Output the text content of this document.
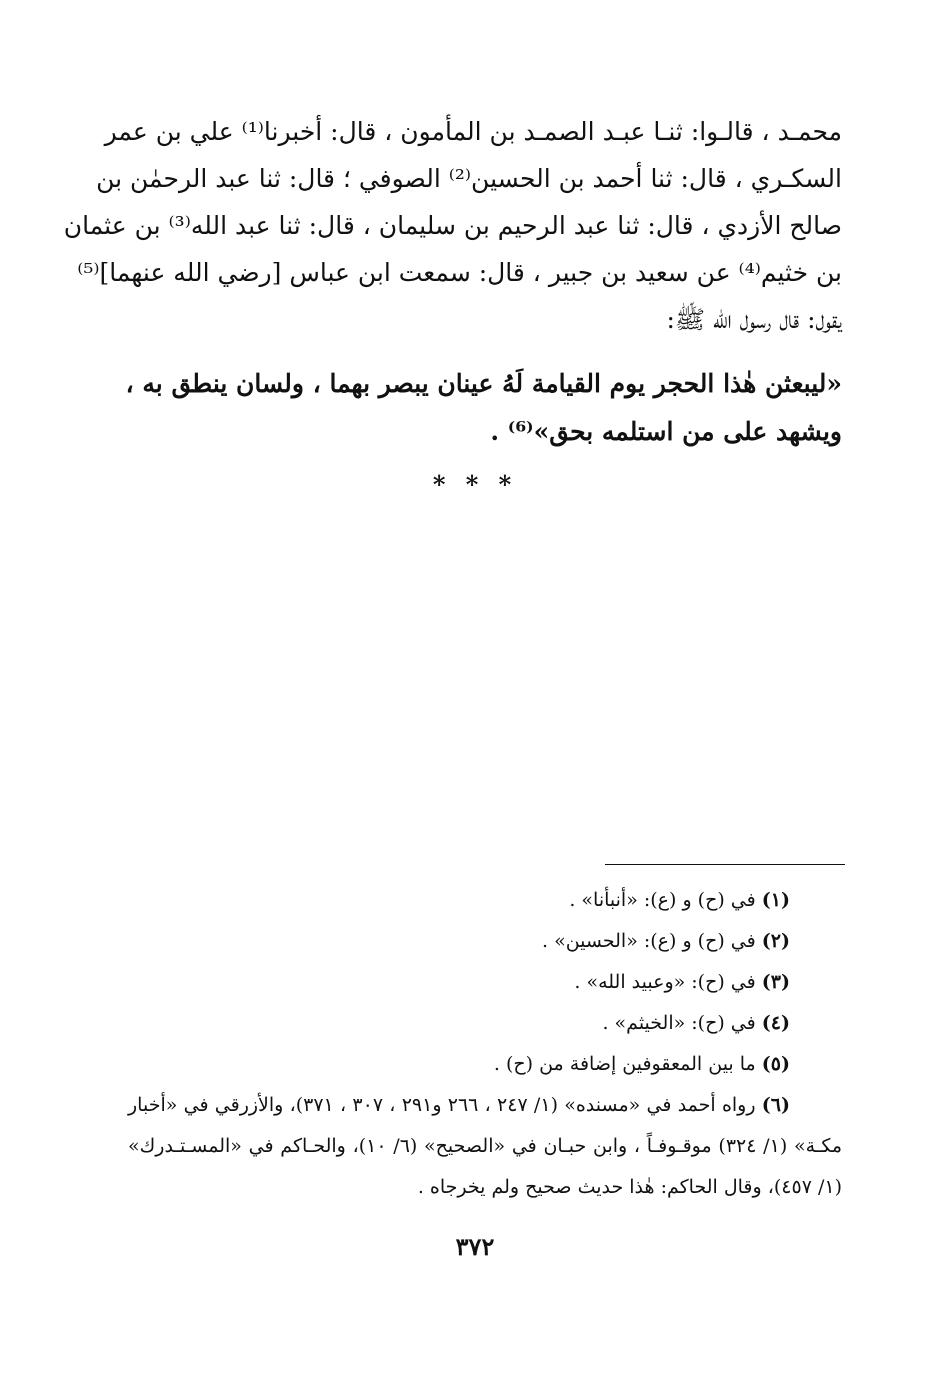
محمـد ، قالـوا: ثنـا عبـد الصمـد بن المأمون ، قال: أخبرنا⁽¹⁾ علي بن عمر
السكـري ، قال: ثنا أحمد بن الحسين⁽²⁾ الصوفي ؛ قال: ثنا عبد الرحمٰن بن
صالح الأزدي ، قال: ثنا عبد الرحيم بن سليمان ، قال: ثنا عبد الله⁽³⁾ بن عثمان
بن خثيم⁽⁴⁾ عن سعيد بن جبير ، قال: سمعت ابن عباس [رضي الله عنهما]⁽⁵⁾
يقول: قال رسول الله ﷺ:
«ليبعثن هٰذا الحجر يوم القيامة لَهُ عينان يبصر بهما ، ولسان ينطق به ،
ويشهد على من استلمه بحق»⁽⁶⁾ .
* * *
(١) في (ح) و (ع): «أنبأنا» .
(٢) في (ح) و (ع): «الحسين» .
(٣) في (ح): «وعبيد الله» .
(٤) في (ح): «الخيثم» .
(٥) ما بين المعقوفين إضافة من (ح) .
(٦) رواه أحمد في «مسنده» (١/ ٢٤٧ ، ٢٦٦ و٢٩١ ، ٣٠٧ ، ٣٧١)، والأزرقي في «أخبار
مكـة» (١/ ٣٢٤) موقـوفـاً ، وابن حبـان في «الصحيح» (٦/ ١٠)، والحـاكم في «المسـتـدرك»
(١/ ٤٥٧)، وقال الحاكم: هٰذا حديث صحيح ولم يخرجاه .
٣٧٢
